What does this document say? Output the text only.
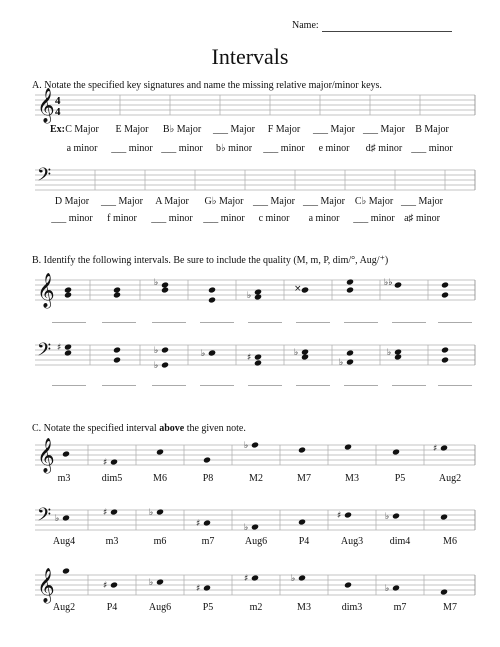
Name:
Intervals
A. Notate the specified key signatures and name the missing relative major/minor keys.
B. Identify the following intervals. Be sure to include the quality (M, m, P, dim/°, Aug/⁺)
C. Notate the specified interval above the given note.
Ex: C Major	E Major	B♭ Major	___ Major	F Major	___ Major ___ Major	B Major
a minor	___ minor ___ minor	b♭ minor	___ minor	e minor	d♯ minor ___ minor
D Major	___ Major	A Major	G♭ Major ___ Major ___ Major C♭ Major ___ Major
___ minor	f minor	___ minor	___ minor	c minor	a minor	___ minor a♯ minor
m3	dim5	M6	P8	M2	M7	M3	P5	Aug2
Aug4	m3	m6	m7	Aug6	P4	Aug3	dim4	M6
Aug2	P4	Aug6	P5	m2	M3	dim3	m7	M7
𝄞 4
4
𝄢
𝄞
𝄢
♭
♭
×
♭♭
♯	♭
♭
♭	♯	♭
♭
♭
𝄞
𝄢
𝄞
♯
♭	♯
♭
♯	♭
♯	♭
♯	♭
♯	♭
♯
♯	♭
♭
